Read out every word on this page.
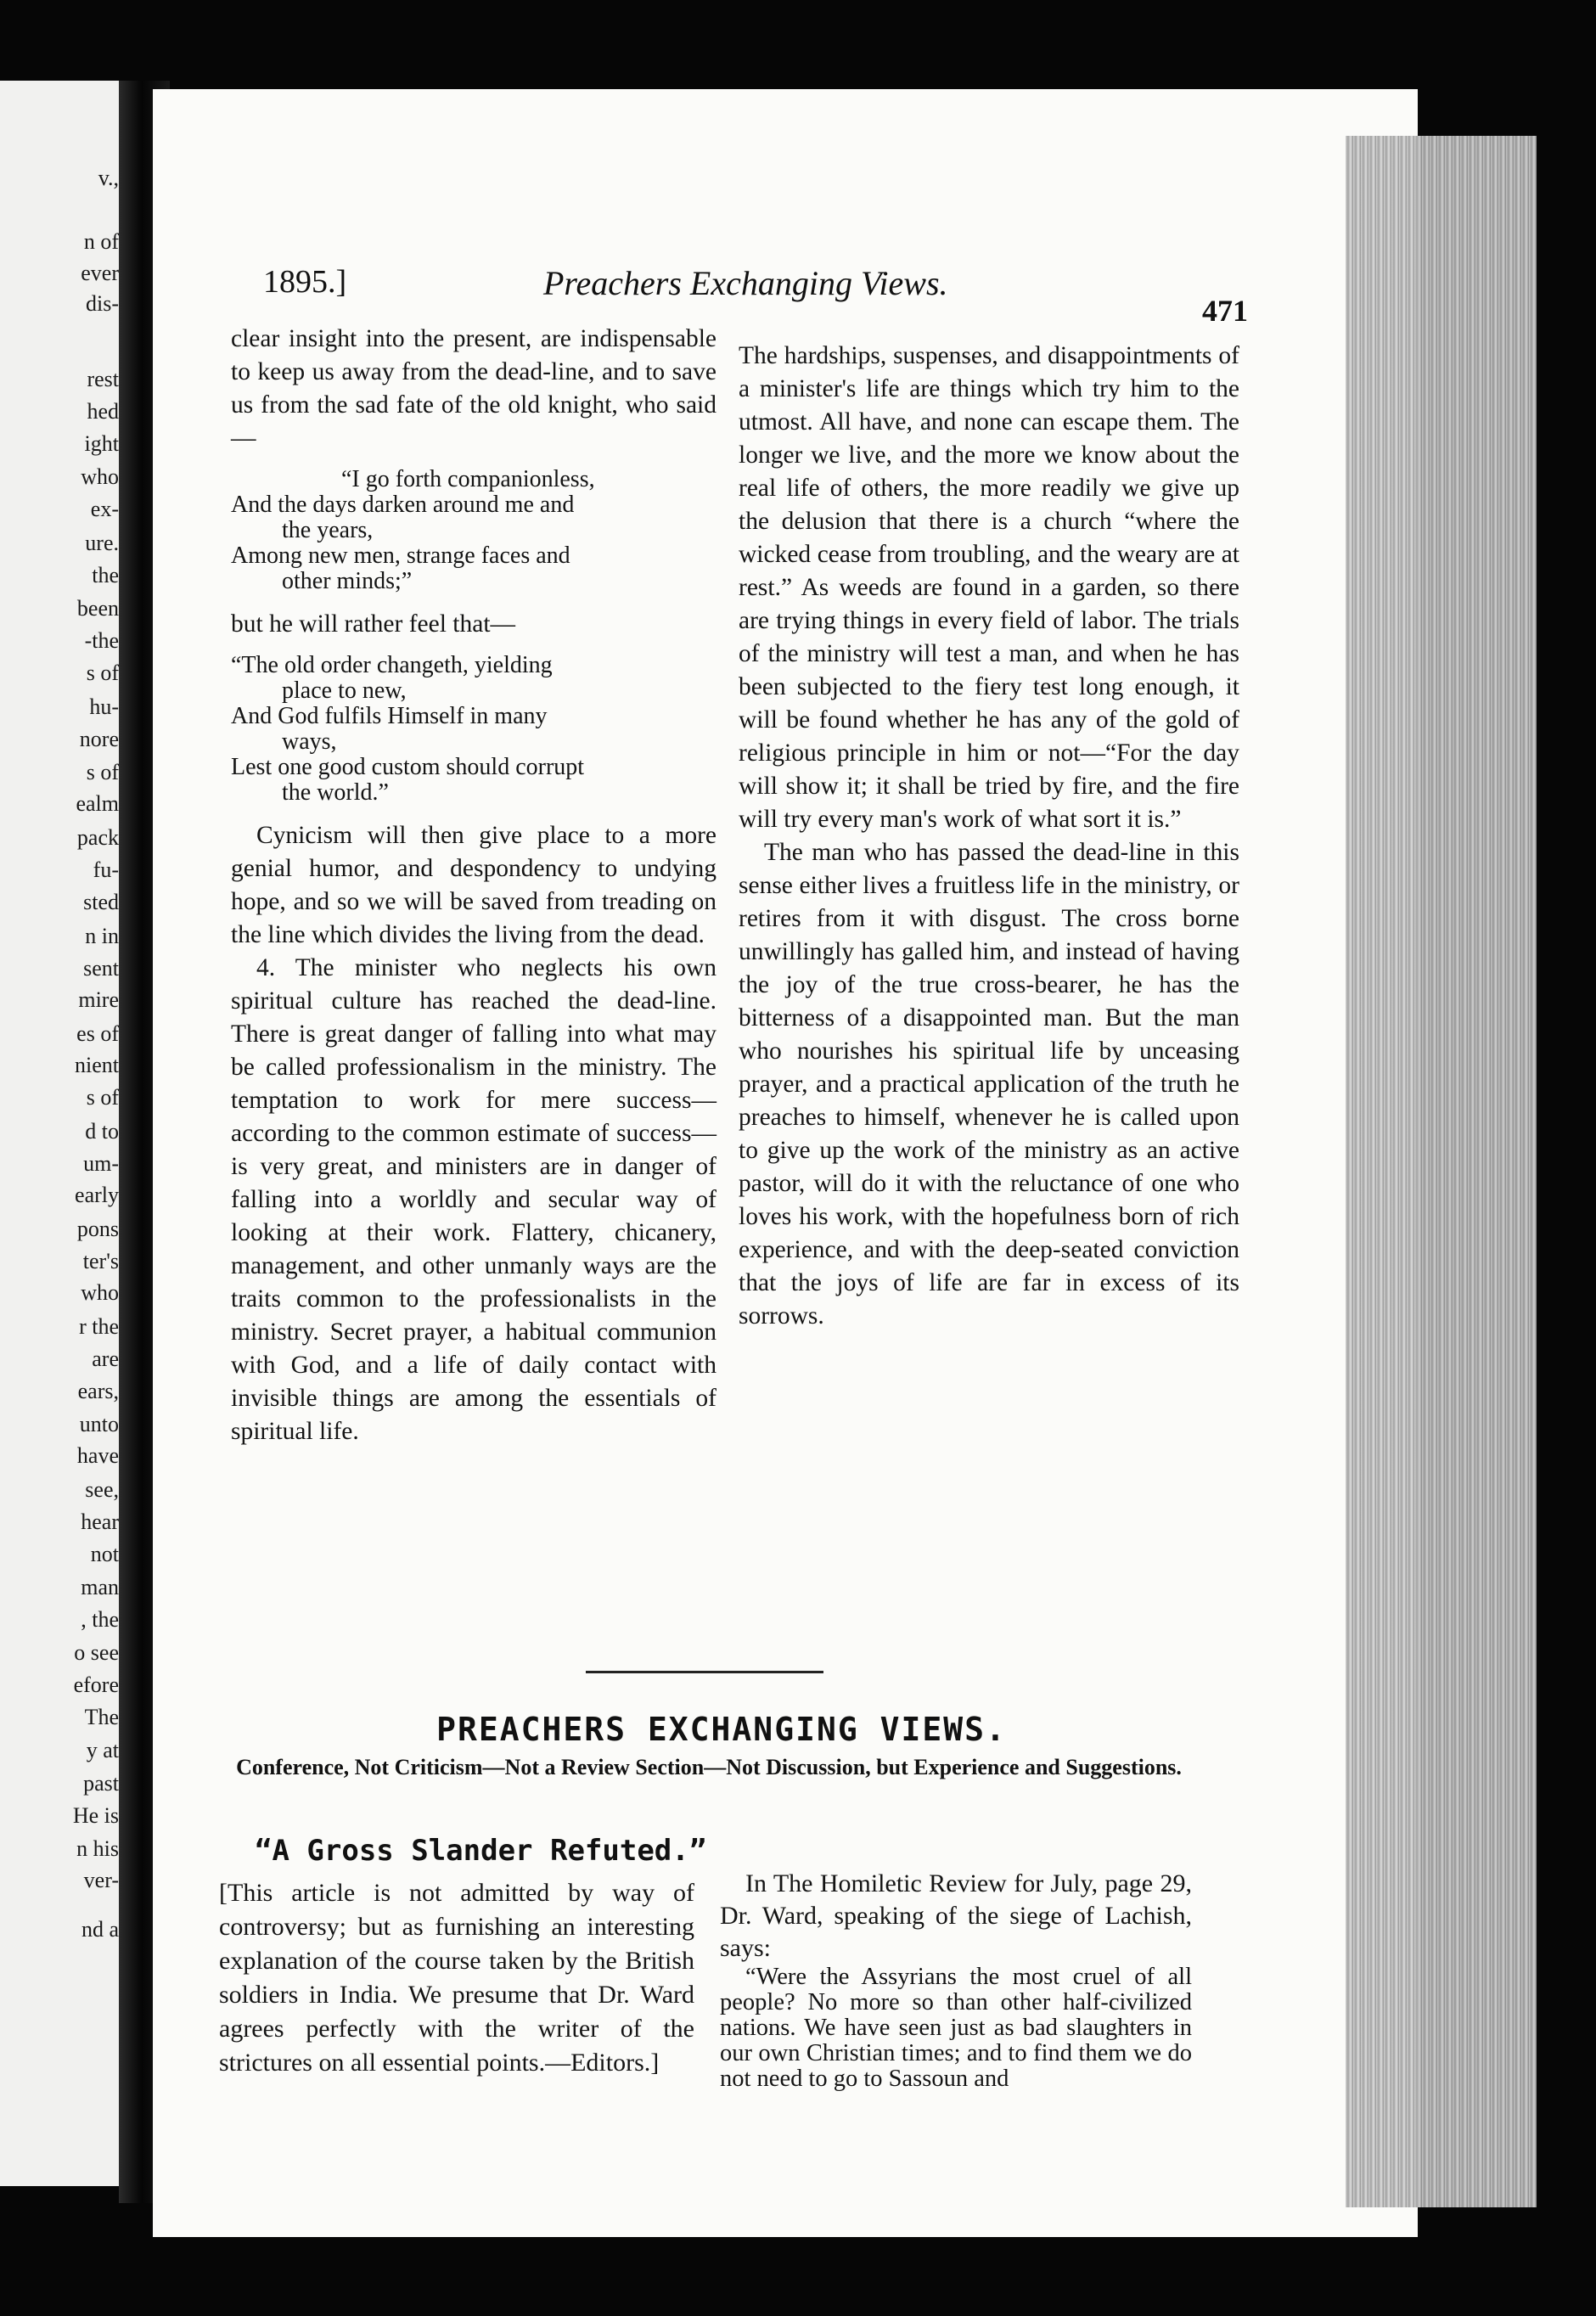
v.,
n of
ever
dis-
rest
hed
ight
who
ex-
ure.
the
been
-the
s of
hu-
nore
s of
ealm
pack
fu-
sted
n in
sent
mire
es of
nient
s of
d to
um-
early
pons
ter's
who
r the
are
ears,
unto
have
see,
hear
not
man
, the
o see
efore
The
y at
past
He is
n his
ver-
nd a
1895.]	Preachers Exchanging Views.
471

clear insight into the present, are indispensable to keep us away from the dead-line, and to save us from the sad fate of the old knight, who said—

“I go forth companionless,
And the days darken around me and
the years,
Among new men, strange faces and
other minds;”

but he will rather feel that—

“The old order changeth, yielding
place to new,
And God fulfils Himself in many
ways,
Lest one good custom should corrupt
the world.”

Cynicism will then give place to a more genial humor, and despondency to undying hope, and so we will be saved from treading on the line which divides the living from the dead.

4. The minister who neglects his own spiritual culture has reached the dead-line. There is great danger of falling into what may be called professionalism in the ministry. The temptation to work for mere success—according to the common estimate of success—is very great, and ministers are in danger of falling into a worldly and secular way of looking at their work. Flattery, chicanery, management, and other unmanly ways are the traits common to the professionalists in the ministry. Secret prayer, a habitual communion with God, and a life of daily contact with invisible things are among the essentials of spiritual life.

The hardships, suspenses, and disappointments of a minister's life are things which try him to the utmost. All have, and none can escape them. The longer we live, and the more we know about the real life of others, the more readily we give up the delusion that there is a church “where the wicked cease from troubling, and the weary are at rest.” As weeds are found in a garden, so there are trying things in every field of labor. The trials of the ministry will test a man, and when he has been subjected to the fiery test long enough, it will be found whether he has any of the gold of religious principle in him or not—“For the day will show it; it shall be tried by fire, and the fire will try every man's work of what sort it is.”

The man who has passed the dead-line in this sense either lives a fruitless life in the ministry, or retires from it with disgust. The cross borne unwillingly has galled him, and instead of having the joy of the true cross-bearer, he has the bitterness of a disappointed man. But the man who nourishes his spiritual life by unceasing prayer, and a practical application of the truth he preaches to himself, whenever he is called upon to give up the work of the ministry as an active pastor, will do it with the reluctance of one who loves his work, with the hopefulness born of rich experience, and with the deep-seated conviction that the joys of life are far in excess of its sorrows.

PREACHERS EXCHANGING VIEWS.
Conference, Not Criticism—Not a Review Section—Not Discussion, but Experience and Suggestions.
“A Gross Slander Refuted.”

[This article is not admitted by way of controversy; but as furnishing an interesting explanation of the course taken by the British soldiers in India. We presume that Dr. Ward agrees perfectly with the writer of the strictures on all essential points.—Editors.]

In The Homiletic Review for July, page 29, Dr. Ward, speaking of the siege of Lachish, says:

“Were the Assyrians the most cruel of all people? No more so than other half-civilized nations. We have seen just as bad slaughters in our own Christian times; and to find them we do not need to go to Sassoun and
